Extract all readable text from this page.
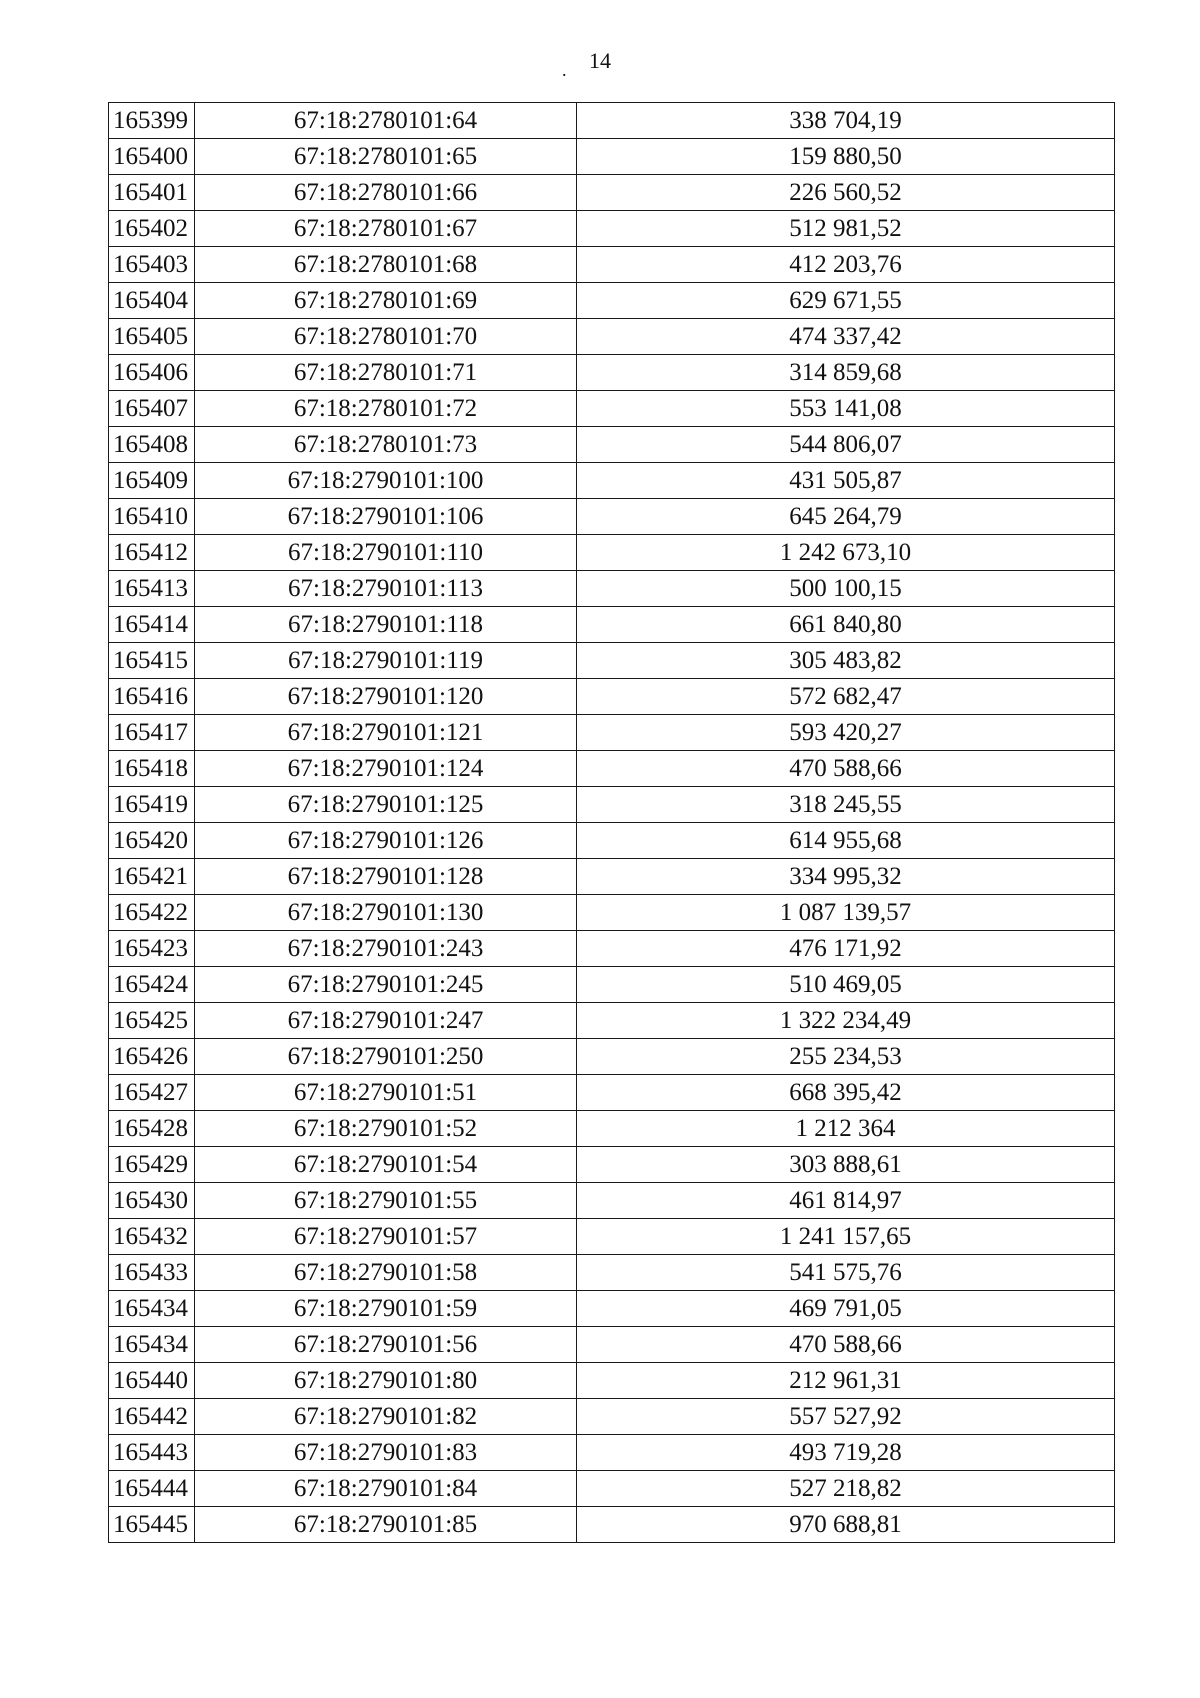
.	14
165399	67:18:2780101:64	338 704,19
165400	67:18:2780101:65	159 880,50
165401	67:18:2780101:66	226 560,52
165402	67:18:2780101:67	512 981,52
165403	67:18:2780101:68	412 203,76
165404	67:18:2780101:69	629 671,55
165405	67:18:2780101:70	474 337,42
165406	67:18:2780101:71	314 859,68
165407	67:18:2780101:72	553 141,08
165408	67:18:2780101:73	544 806,07
165409	67:18:2790101:100	431 505,87
165410	67:18:2790101:106	645 264,79
165412	67:18:2790101:110	1 242 673,10
165413	67:18:2790101:113	500 100,15
165414	67:18:2790101:118	661 840,80
165415	67:18:2790101:119	305 483,82
165416	67:18:2790101:120	572 682,47
165417	67:18:2790101:121	593 420,27
165418	67:18:2790101:124	470 588,66
165419	67:18:2790101:125	318 245,55
165420	67:18:2790101:126	614 955,68
165421	67:18:2790101:128	334 995,32
165422	67:18:2790101:130	1 087 139,57
165423	67:18:2790101:243	476 171,92
165424	67:18:2790101:245	510 469,05
165425	67:18:2790101:247	1 322 234,49
165426	67:18:2790101:250	255 234,53
165427	67:18:2790101:51	668 395,42
165428	67:18:2790101:52	1 212 364
165429	67:18:2790101:54	303 888,61
165430	67:18:2790101:55	461 814,97
165432	67:18:2790101:57	1 241 157,65
165433	67:18:2790101:58	541 575,76
165434	67:18:2790101:59	469 791,05
165434	67:18:2790101:56	470 588,66
165440	67:18:2790101:80	212 961,31
165442	67:18:2790101:82	557 527,92
165443	67:18:2790101:83	493 719,28
165444	67:18:2790101:84	527 218,82
165445	67:18:2790101:85	970 688,81
